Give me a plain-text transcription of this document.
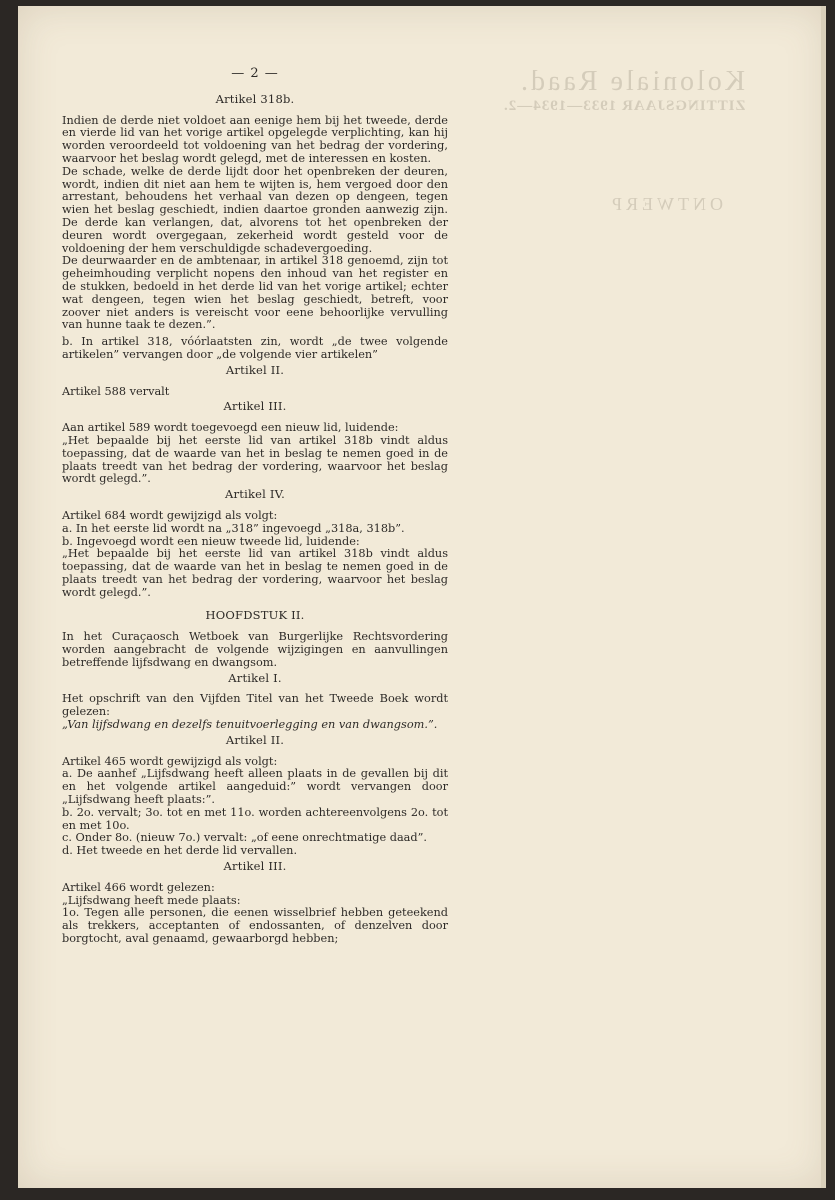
Koloniale Raad.
ZITTINGSJAAR 1933—1934—2.
ONTWERP
— 2 —
Artikel 318b.

Indien de derde niet voldoet aan eenige hem bij het tweede, derde en vierde lid van het vorige artikel opgelegde verplichting, kan hij worden veroordeeld tot voldoening van het bedrag der vordering, waarvoor het beslag wordt gelegd, met de interessen en kosten.

De schade, welke de derde lijdt door het openbreken der deuren, wordt, indien dit niet aan hem te wijten is, hem vergoed door den arrestant, behoudens het verhaal van dezen op dengeen, tegen wien het beslag geschiedt, indien daartoe gronden aanwezig zijn. De derde kan verlangen, dat, alvorens tot het openbreken der deuren wordt overgegaan, zekerheid wordt gesteld voor de voldoening der hem verschuldigde schadevergoeding.

De deurwaarder en de ambtenaar, in artikel 318 genoemd, zijn tot geheimhouding verplicht nopens den inhoud van het register en de stukken, bedoeld in het derde lid van het vorige artikel; echter wat dengeen, tegen wien het beslag geschiedt, betreft, voor zoover niet anders is vereischt voor eene behoorlijke vervulling van hunne taak te dezen.”.

b. In artikel 318, vóórlaatsten zin, wordt „de twee volgende artikelen” vervangen door „de volgende vier artikelen”

Artikel II.

Artikel 588 vervalt

Artikel III.

Aan artikel 589 wordt toegevoegd een nieuw lid, luidende:

„Het bepaalde bij het eerste lid van artikel 318b vindt aldus toepassing, dat de waarde van het in beslag te nemen goed in de plaats treedt van het bedrag der vordering, waarvoor het beslag wordt gelegd.”.

Artikel IV.

Artikel 684 wordt gewijzigd als volgt:

a. In het eerste lid wordt na „318” ingevoegd „318a, 318b”.

b. Ingevoegd wordt een nieuw tweede lid, luidende:

„Het bepaalde bij het eerste lid van artikel 318b vindt aldus toepassing, dat de waarde van het in beslag te nemen goed in de plaats treedt van het bedrag der vordering, waarvoor het beslag wordt gelegd.”.

HOOFDSTUK II.

In het Curaçaosch Wetboek van Burgerlijke Rechtsvordering worden aangebracht de volgende wijzigingen en aanvullingen betreffende lijfsdwang en dwangsom.

Artikel I.

Het opschrift van den Vijfden Titel van het Tweede Boek wordt gelezen:

„Van lijfsdwang en dezelfs tenuitvoerlegging en van dwangsom.”.

Artikel II.

Artikel 465 wordt gewijzigd als volgt:

a. De aanhef „Lijfsdwang heeft alleen plaats in de gevallen bij dit en het volgende artikel aangeduid:” wordt vervangen door „Lijfsdwang heeft plaats:”.

b. 2o. vervalt; 3o. tot en met 11o. worden achtereenvolgens 2o. tot en met 10o.

c. Onder 8o. (nieuw 7o.) vervalt: „of eene onrechtmatige daad”.

d. Het tweede en het derde lid vervallen.

Artikel III.

Artikel 466 wordt gelezen:

„Lijfsdwang heeft mede plaats:

1o. Tegen alle personen, die eenen wisselbrief hebben geteekend als trekkers, acceptanten of endossanten, of denzelven door borgtocht, aval genaamd, gewaarborgd hebben;
